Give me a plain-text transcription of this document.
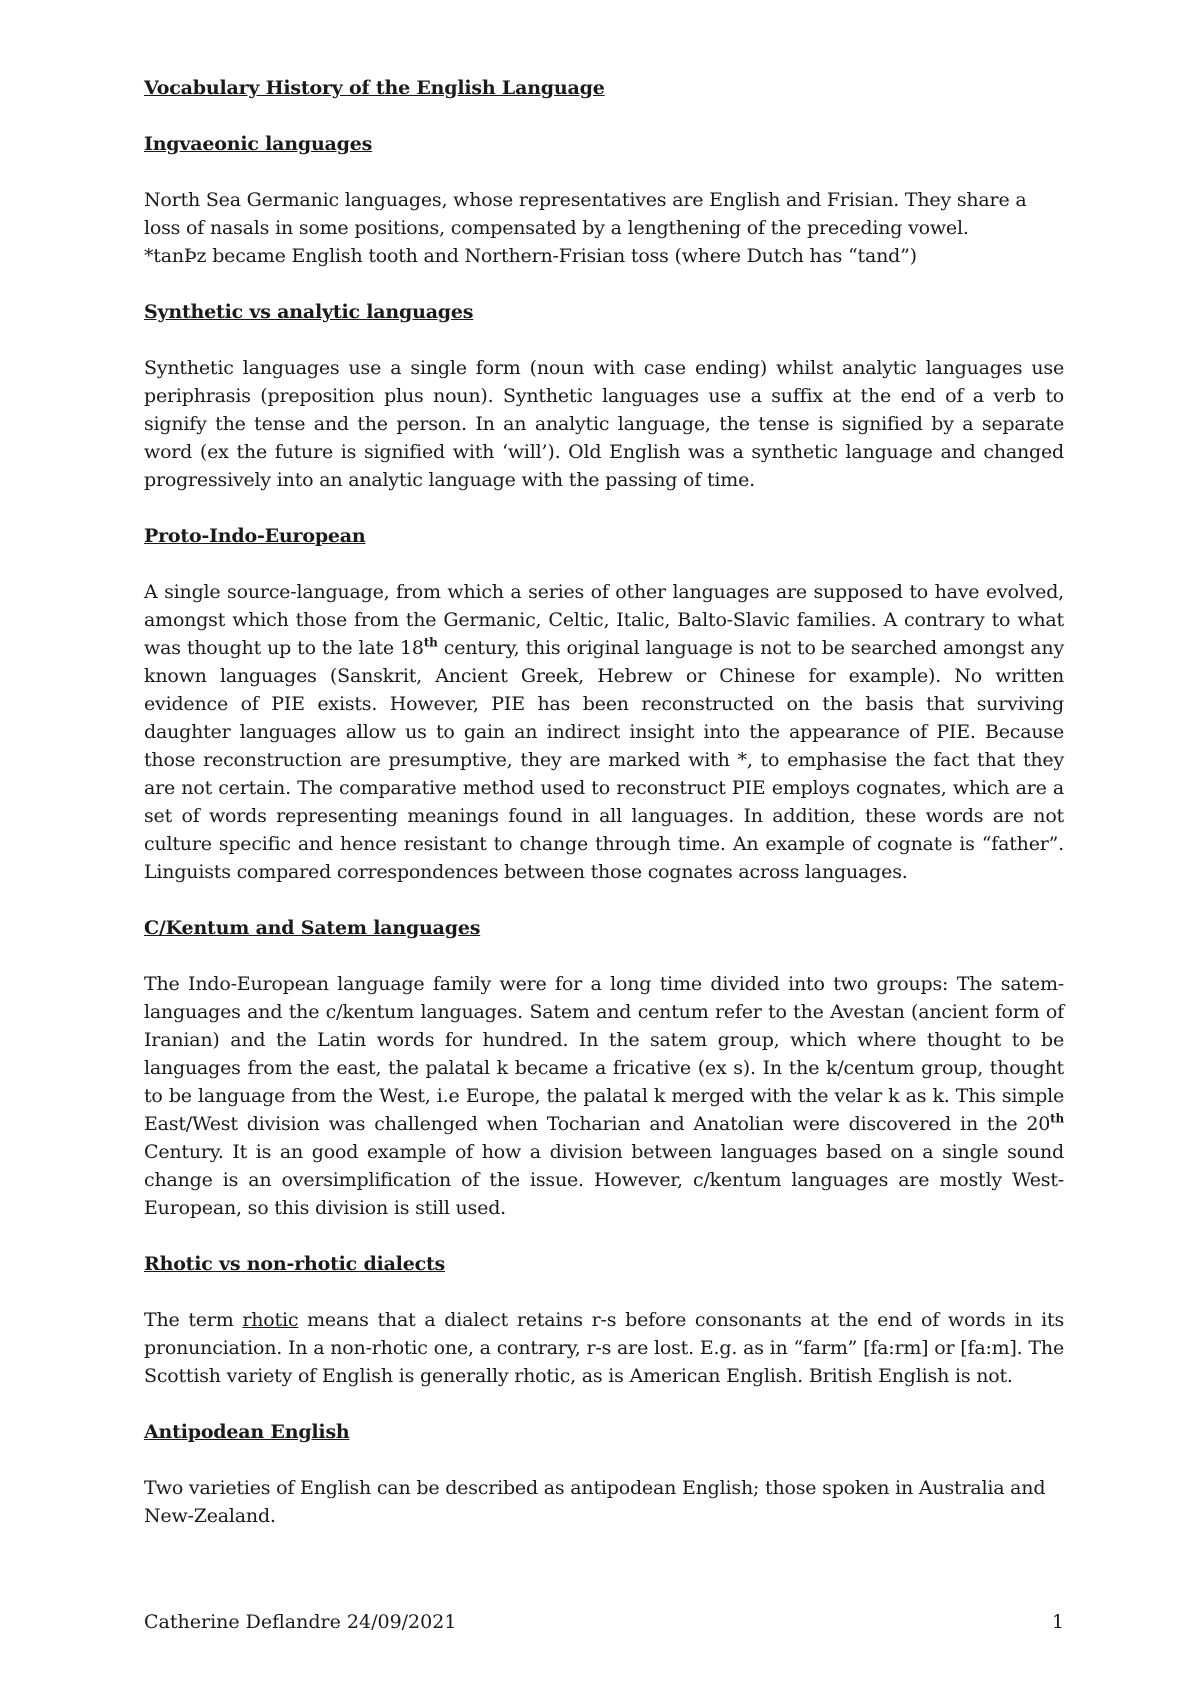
Vocabulary History of the English Language
Ingvaeonic languages

North Sea Germanic languages, whose representatives are English and Frisian. They share a
loss of nasals in some positions, compensated by a lengthening of the preceding vowel.
*tanÞz became English tooth and Northern-Frisian toss (where Dutch has “tand”)

Synthetic vs analytic languages

Synthetic languages use a single form (noun with case ending) whilst analytic languages use periphrasis (preposition plus noun). Synthetic languages use a suffix at the end of a verb to signify the tense and the person. In an analytic language, the tense is signified by a separate word (ex the future is signified with ‘will’). Old English was a synthetic language and changed progressively into an analytic language with the passing of time.

Proto-Indo-European

A single source-language, from which a series of other languages are supposed to have evolved, amongst which those from the Germanic, Celtic, Italic, Balto-Slavic families. A contrary to what was thought up to the late 18th century, this original language is not to be searched amongst any known languages (Sanskrit, Ancient Greek, Hebrew or Chinese for example). No written evidence of PIE exists. However, PIE has been reconstructed on the basis that surviving daughter languages allow us to gain an indirect insight into the appearance of PIE. Because those reconstruction are presumptive, they are marked with *, to emphasise the fact that they are not certain. The comparative method used to reconstruct PIE employs cognates, which are a set of words representing meanings found in all languages. In addition, these words are not culture specific and hence resistant to change through time. An example of cognate is “father”. Linguists compared correspondences between those cognates across languages.

C/Kentum and Satem languages

The Indo-European language family were for a long time divided into two groups: The satem-languages and the c/kentum languages. Satem and centum refer to the Avestan (ancient form of Iranian) and the Latin words for hundred. In the satem group, which where thought to be languages from the east, the palatal k became a fricative (ex s). In the k/centum group, thought to be language from the West, i.e Europe, the palatal k merged with the velar k as k. This simple East/West division was challenged when Tocharian and Anatolian were discovered in the 20th Century. It is an good example of how a division between languages based on a single sound change is an oversimplification of the issue. However, c/kentum languages are mostly West-European, so this division is still used.

Rhotic vs non-rhotic dialects

The term rhotic means that a dialect retains r-s before consonants at the end of words in its pronunciation. In a non-rhotic one, a contrary, r-s are lost. E.g. as in “farm” [fa:rm] or [fa:m]. The Scottish variety of English is generally rhotic, as is American English. British English is not.

Antipodean English

Two varieties of English can be described as antipodean English; those spoken in Australia and New-Zealand.

Catherine Deflandre 24/09/2021	1
